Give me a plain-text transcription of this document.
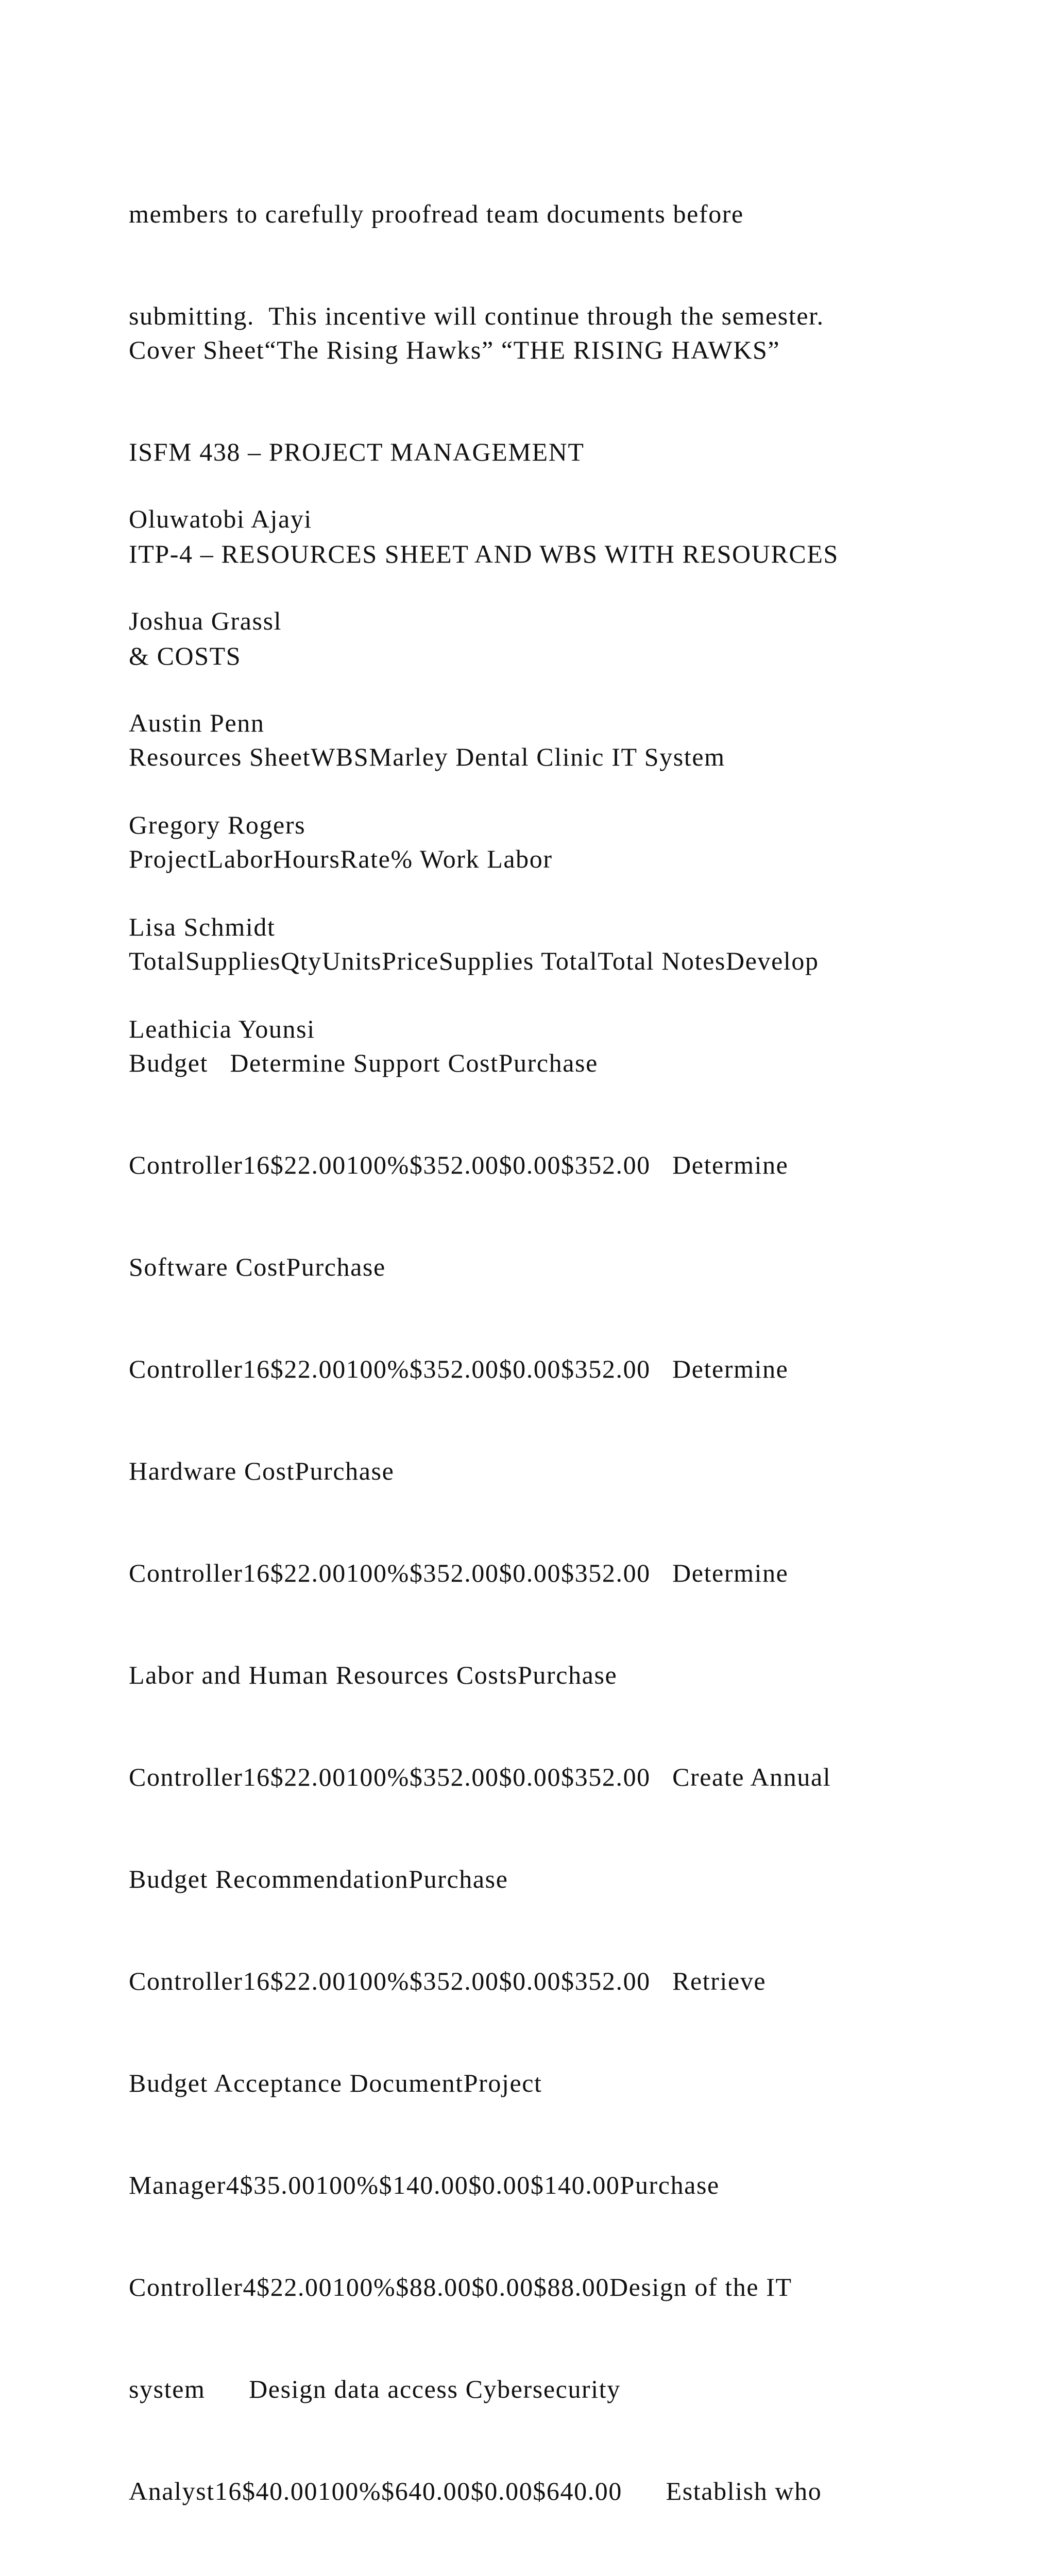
members to carefully proofread team documents before

submitting.  This incentive will continue through the semester.

Cover Sheet“The Rising Hawks” “THE RISING HAWKS”

ISFM 438 – PROJECT MANAGEMENT

ITP-4 – RESOURCES SHEET AND WBS WITH RESOURCES

& COSTS

Oluwatobi Ajayi

Joshua Grassl

Austin Penn

Gregory Rogers

Lisa Schmidt

Leathicia Younsi

Resources SheetWBSMarley Dental Clinic IT System

ProjectLaborHoursRate% Work Labor

TotalSuppliesQtyUnitsPriceSupplies TotalTotal NotesDevelop

Budget   Determine Support CostPurchase

Controller16$22.00100%$352.00$0.00$352.00   Determine

Software CostPurchase

Controller16$22.00100%$352.00$0.00$352.00   Determine

Hardware CostPurchase

Controller16$22.00100%$352.00$0.00$352.00   Determine

Labor and Human Resources CostsPurchase

Controller16$22.00100%$352.00$0.00$352.00   Create Annual

Budget RecommendationPurchase

Controller16$22.00100%$352.00$0.00$352.00   Retrieve

Budget Acceptance DocumentProject

Manager4$35.00100%$140.00$0.00$140.00Purchase

Controller4$22.00100%$88.00$0.00$88.00Design of the IT

system      Design data access Cybersecurity

Analyst16$40.00100%$640.00$0.00$640.00      Establish who
